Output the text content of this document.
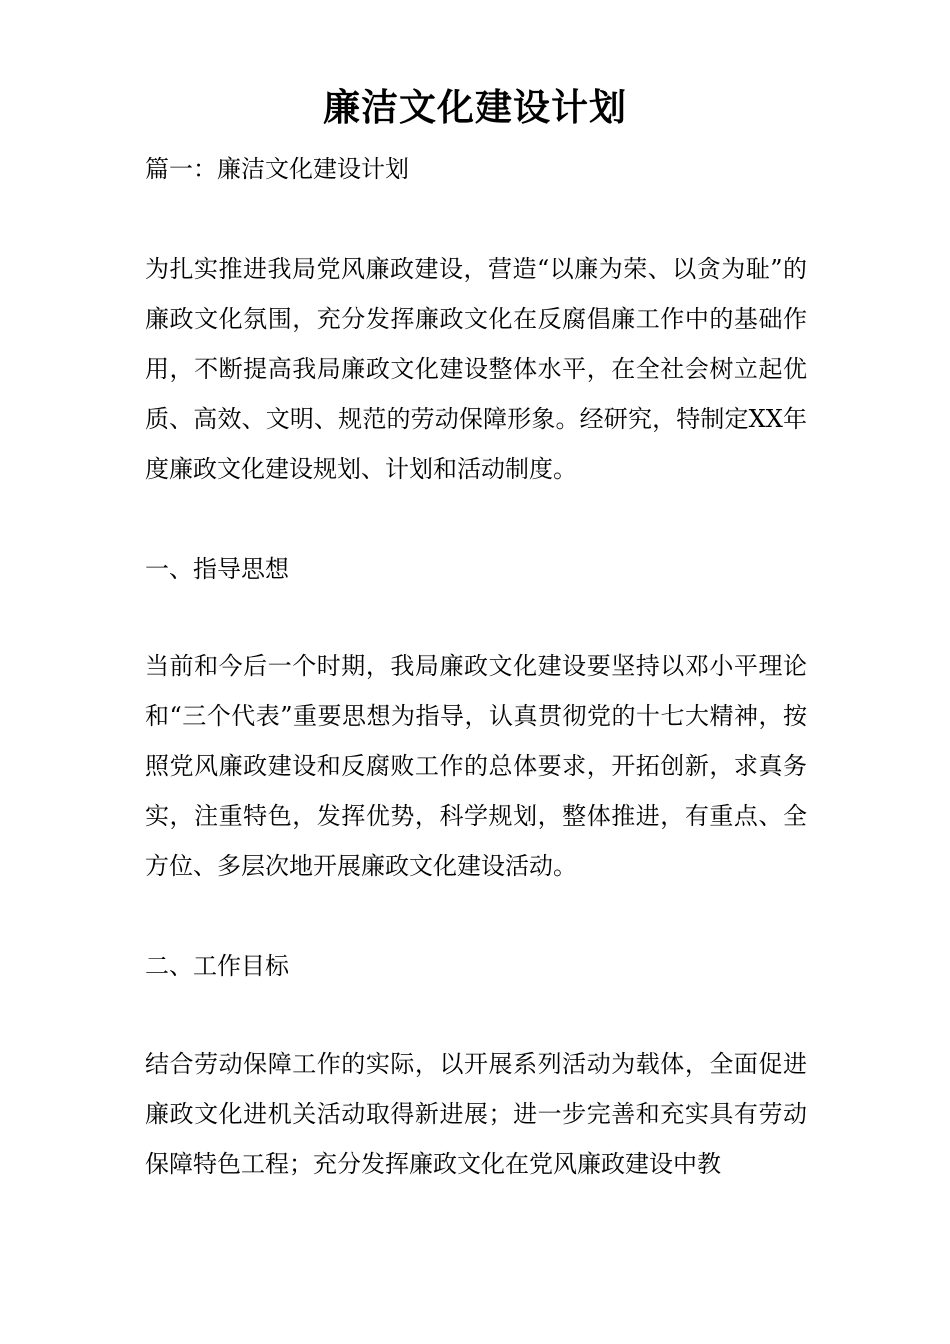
廉洁文化建设计划
篇一：廉洁文化建设计划
为扎实推进我局党风廉政建设，营造“以廉为荣、以贪为耻”的廉政文化氛围，充分发挥廉政文化在反腐倡廉工作中的基础作用，不断提高我局廉政文化建设整体水平，在全社会树立起优质、高效、文明、规范的劳动保障形象。经研究，特制定XX年度廉政文化建设规划、计划和活动制度。
一、指导思想
当前和今后一个时期，我局廉政文化建设要坚持以邓小平理论和“三个代表”重要思想为指导，认真贯彻党的十七大精神，按照党风廉政建设和反腐败工作的总体要求，开拓创新，求真务实，注重特色，发挥优势，科学规划，整体推进，有重点、全方位、多层次地开展廉政文化建设活动。
二、工作目标
结合劳动保障工作的实际，以开展系列活动为载体，全面促进廉政文化进机关活动取得新进展；进一步完善和充实具有劳动保障特色工程；充分发挥廉政文化在党风廉政建设中教
